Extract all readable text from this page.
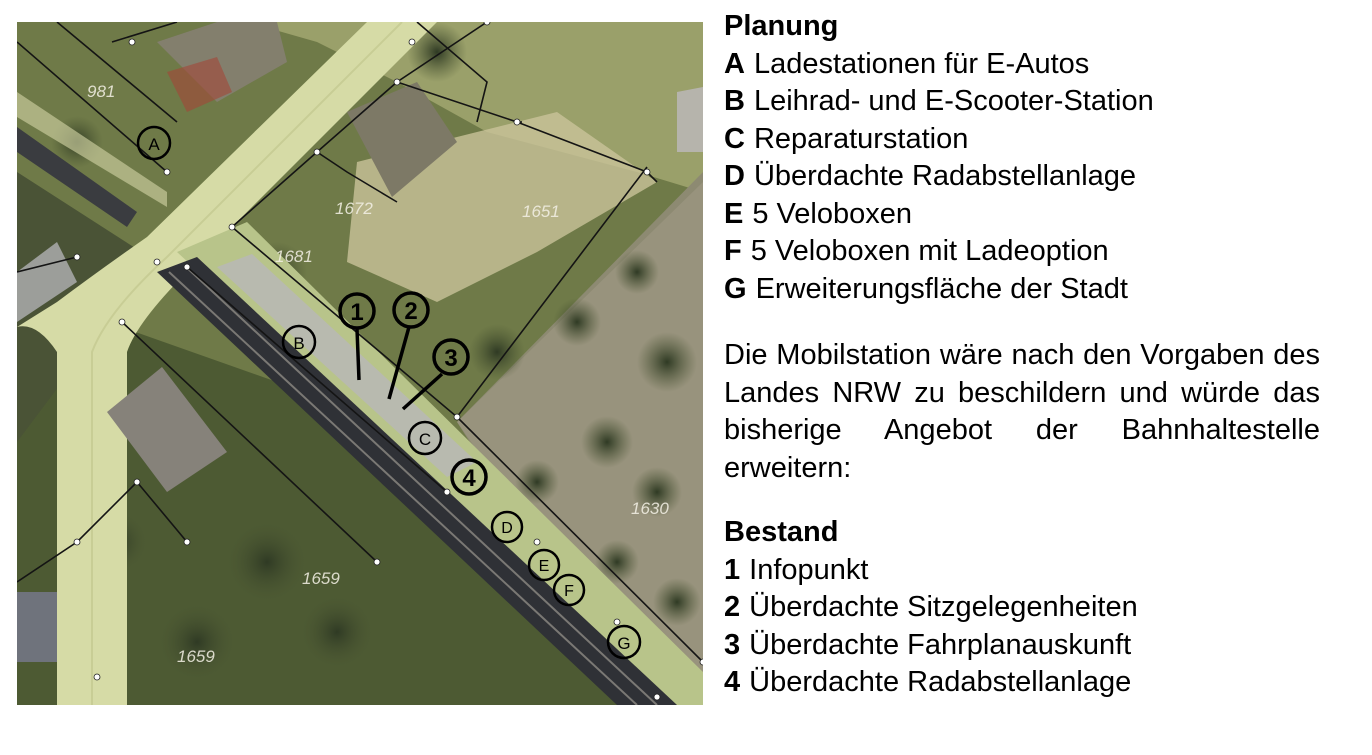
981
1672	1651
1681
1659
1630
1659
A
B
C
D
E
F
G
1 2
3
4
Planung
A Ladestationen für E-Autos
B Leihrad- und E-Scooter-Station
C Reparaturstation
D Überdachte Radabstellanlage
E 5 Veloboxen
F 5 Veloboxen mit Ladeoption
G Erweiterungsfläche der Stadt
Die Mobilstation wäre nach den Vorgaben des Landes NRW zu beschildern und würde das bisherige Angebot der Bahnhaltestelle erweitern:
Bestand
1 Infopunkt
2 Überdachte Sitzgelegenheiten
3 Überdachte Fahrplanauskunft
4 Überdachte Radabstellanlage
